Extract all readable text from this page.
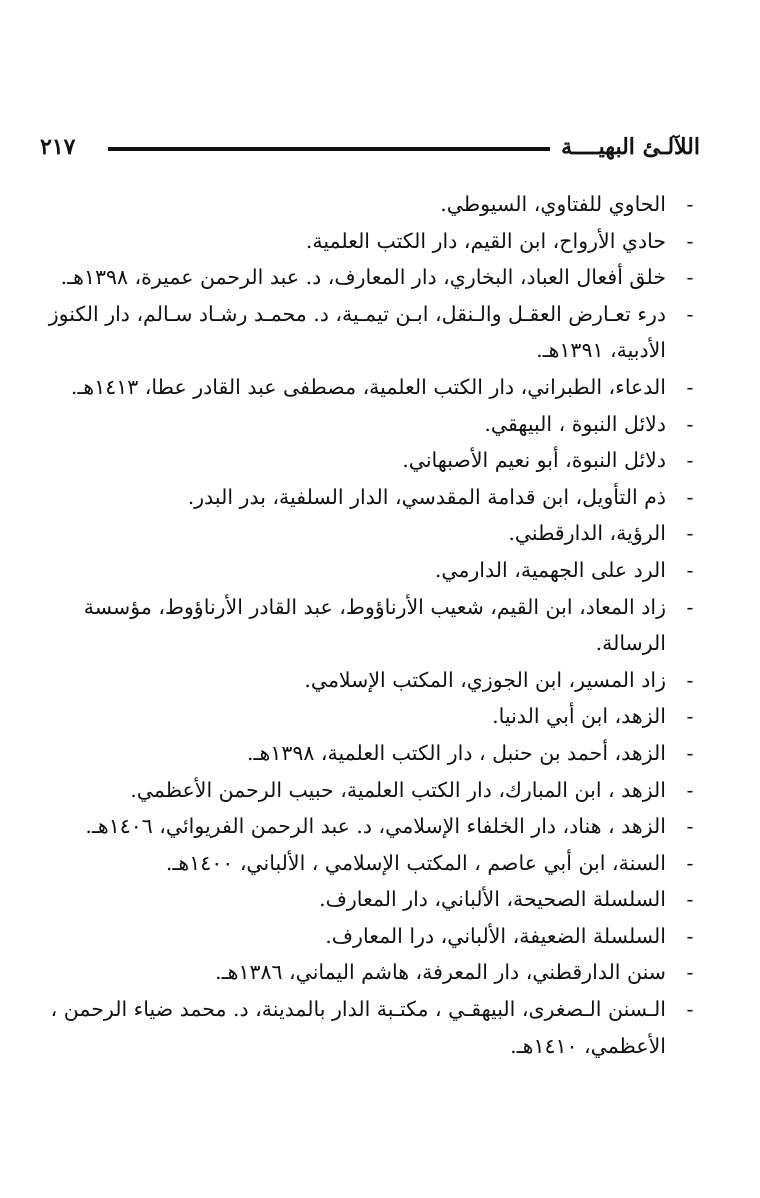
اللآلـئ البهيــــة
٢١٧
-
الحاوي للفتاوي، السيوطي.
-
حادي الأرواح، ابن القيم، دار الكتب العلمية.
-
خلق أفعال العباد، البخاري، دار المعارف، د. عبد الرحمن عميرة، ١٣٩٨هـ.
-
درء تعـارض العقـل والـنقل، ابـن تيمـية، د. محمـد رشـاد سـالم، دار الكنوز الأدبية، ١٣٩١هـ.
-
الدعاء، الطبراني، دار الكتب العلمية، مصطفى عبد القادر عطا، ١٤١٣هـ.
-
دلائل النبوة ، البيهقي.
-
دلائل النبوة، أبو نعيم الأصبهاني.
-
ذم التأويل، ابن قدامة المقدسي، الدار السلفية، بدر البدر.
-
الرؤية، الدارقطني.
-
الرد على الجهمية، الدارمي.
-
زاد المعاد، ابن القيم، شعيب الأرناؤوط، عبد القادر الأرناؤوط، مؤسسة الرسالة.
-
زاد المسير، ابن الجوزي، المكتب الإسلامي.
-
الزهد، ابن أبي الدنيا.
-
الزهد، أحمد بن حنبل ، دار الكتب العلمية، ١٣٩٨هـ.
-
الزهد ، ابن المبارك، دار الكتب العلمية، حبيب الرحمن الأعظمي.
-
الزهد ، هناد، دار الخلفاء الإسلامي، د. عبد الرحمن الفريوائي، ١٤٠٦هـ.
-
السنة، ابن أبي عاصم ، المكتب الإسلامي ، الألباني، ١٤٠٠هـ.
-
السلسلة الصحيحة، الألباني، دار المعارف.
-
السلسلة الضعيفة، الألباني، درا المعارف.
-
سنن الدارقطني، دار المعرفة، هاشم اليماني، ١٣٨٦هـ.
-
الـسنن الـصغرى، البيهقـي ، مكتـبة الدار بالمدينة، د. محمد ضياء الرحمن ، الأعظمي، ١٤١٠هـ.
